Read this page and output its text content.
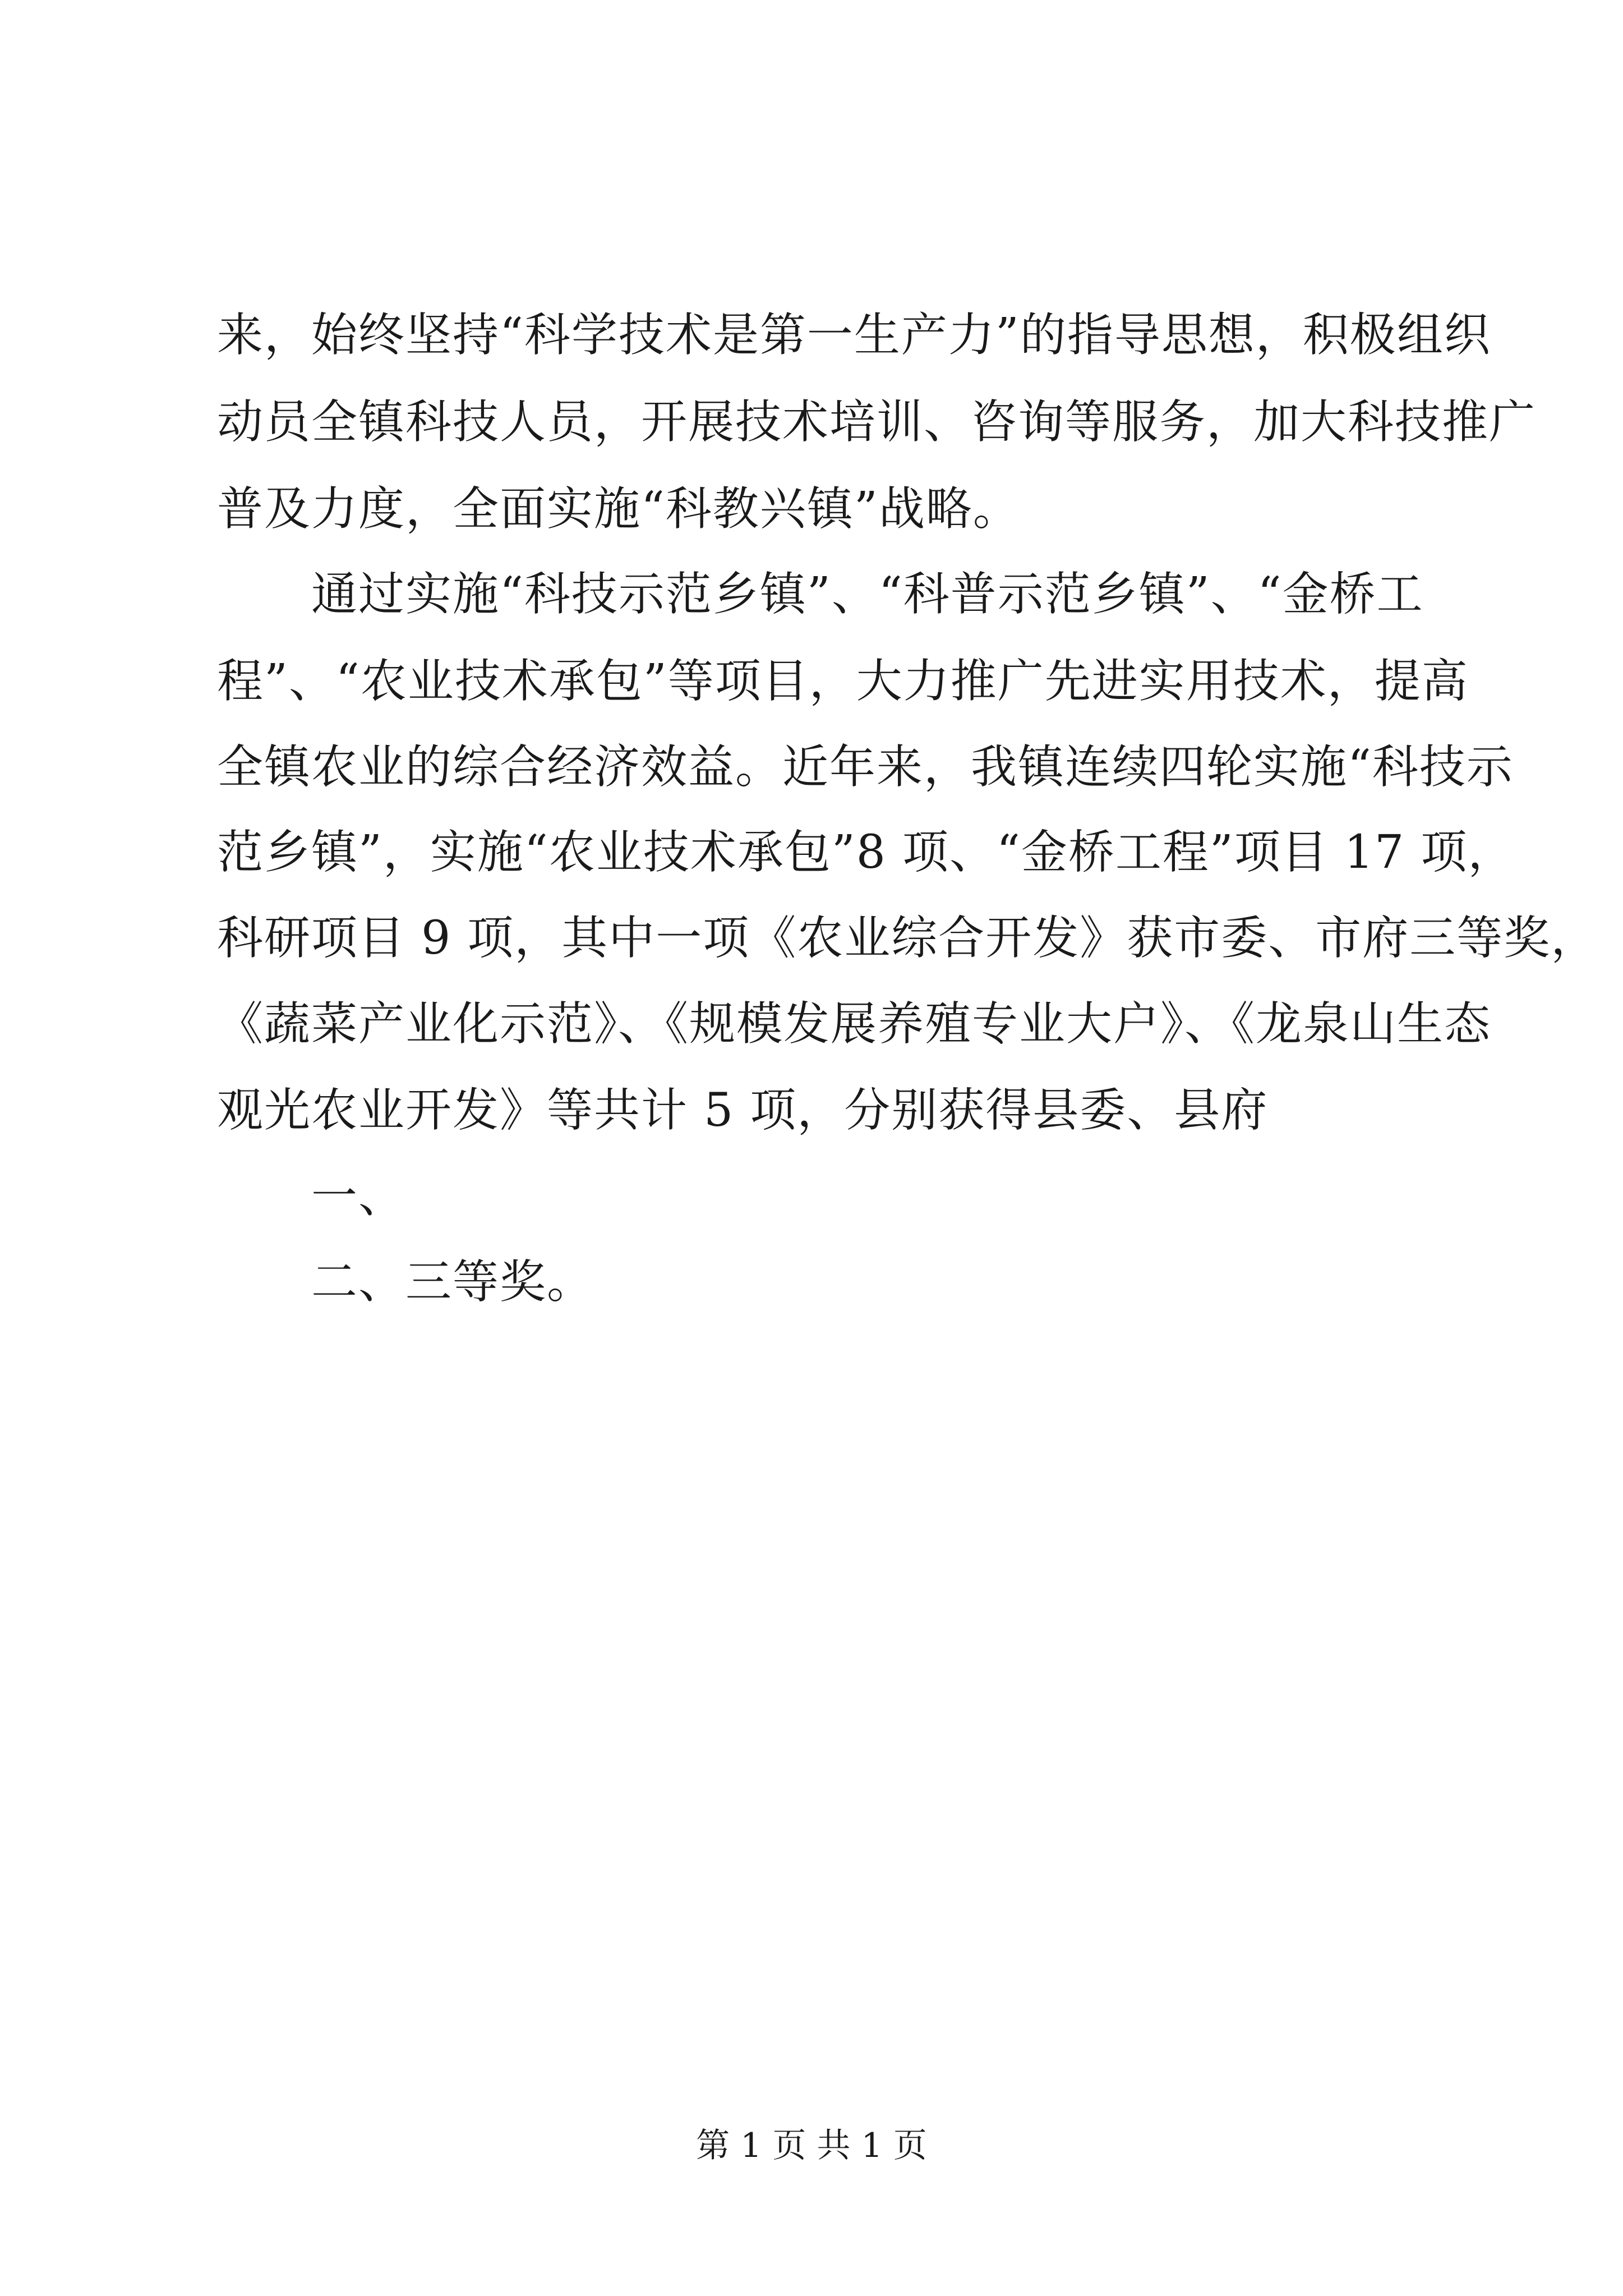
来，始终坚持“科学技术是第一生产力”的指导思想，积极组织

动员全镇科技人员，开展技术培训、咨询等服务，加大科技推广

普及力度，全面实施“科教兴镇”战略。

通过实施“科技示范乡镇”、“科普示范乡镇”、“金桥工

程”、“农业技术承包”等项目，大力推广先进实用技术，提高

全镇农业的综合经济效益。近年来，我镇连续四轮实施“科技示

范乡镇”，实施“农业技术承包”8 项、“金桥工程”项目 17 项，

科研项目 9 项，其中一项《农业综合开发》获市委、市府三等奖，

《蔬菜产业化示范》、《规模发展养殖专业大户》、《龙泉山生态

观光农业开发》等共计 5 项，分别获得县委、县府

一、

二、三等奖。

第 1 页 共 1 页
